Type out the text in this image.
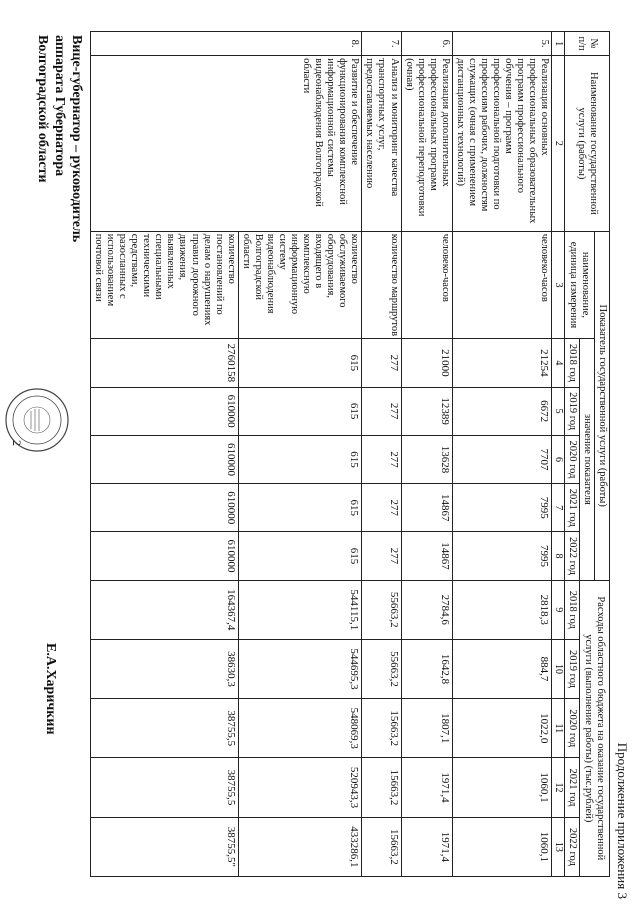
2
Продолжение приложения 3
№ п/п	Наименование государственной услуги (работы)	Показатель государственной услуги (работы)						Расходы областного бюджета на оказание государственной услуги (выполнение работы) (тыс.рублей)				
		наименование, единица измерения	значение показателя									
			2018 год	2019 год	2020 год	2021 год	2022 год	2018 год	2019 год	2020 год	2021 год	2022 год
1	2	3	4	5	6	7	8	9	10	11	12	13
5.	Реализация основных профессиональных образовательных программ профессионального обучения – программ профессиональной подготовки по профессиям рабочих, должностям служащих (очная с применением дистанционных технологий)	человеко-часов	21254	6672	7707	7995	7995	2818,3	884,7	1022,0	1060,1	1060,1
6.	Реализация дополнительных профессиональных программ профессиональной переподготовки (очная)	человеко-часов	21000	12389	13628	14867	14867	2784,6	1642,8	1807,1	1971,4	1971,4
7.	Анализ и мониторинг качества транспортных услуг, предоставляемых населению	количество маршрутов	277	277	277	277	277	55663,2	55663,2	15663,2	15663,2	15663,2
8.	Развитие и обеспечение функционирования комплексной информационной системы видеонаблюдения Волгоградской области	количество обслуживаемого оборудования, входящего в комплексную информационную систему видеонаблюдения Волгоградской области	615	615	615	615	615	544115,1	544695,3	548069,3	520943,3	433286,1
		количество постановлений по делам о нарушениях правил дорожного движения, выявленных специальными техническими средствами, разосланных с использованием почтовой связи	2760158	610000	610000	610000	610000	164367,4	38630,3	38755,5	38755,5	38755,5"
Вице-губернатор – руководитель
аппарата Губернатора
Волгоградской области
Е.А.Харичкин
